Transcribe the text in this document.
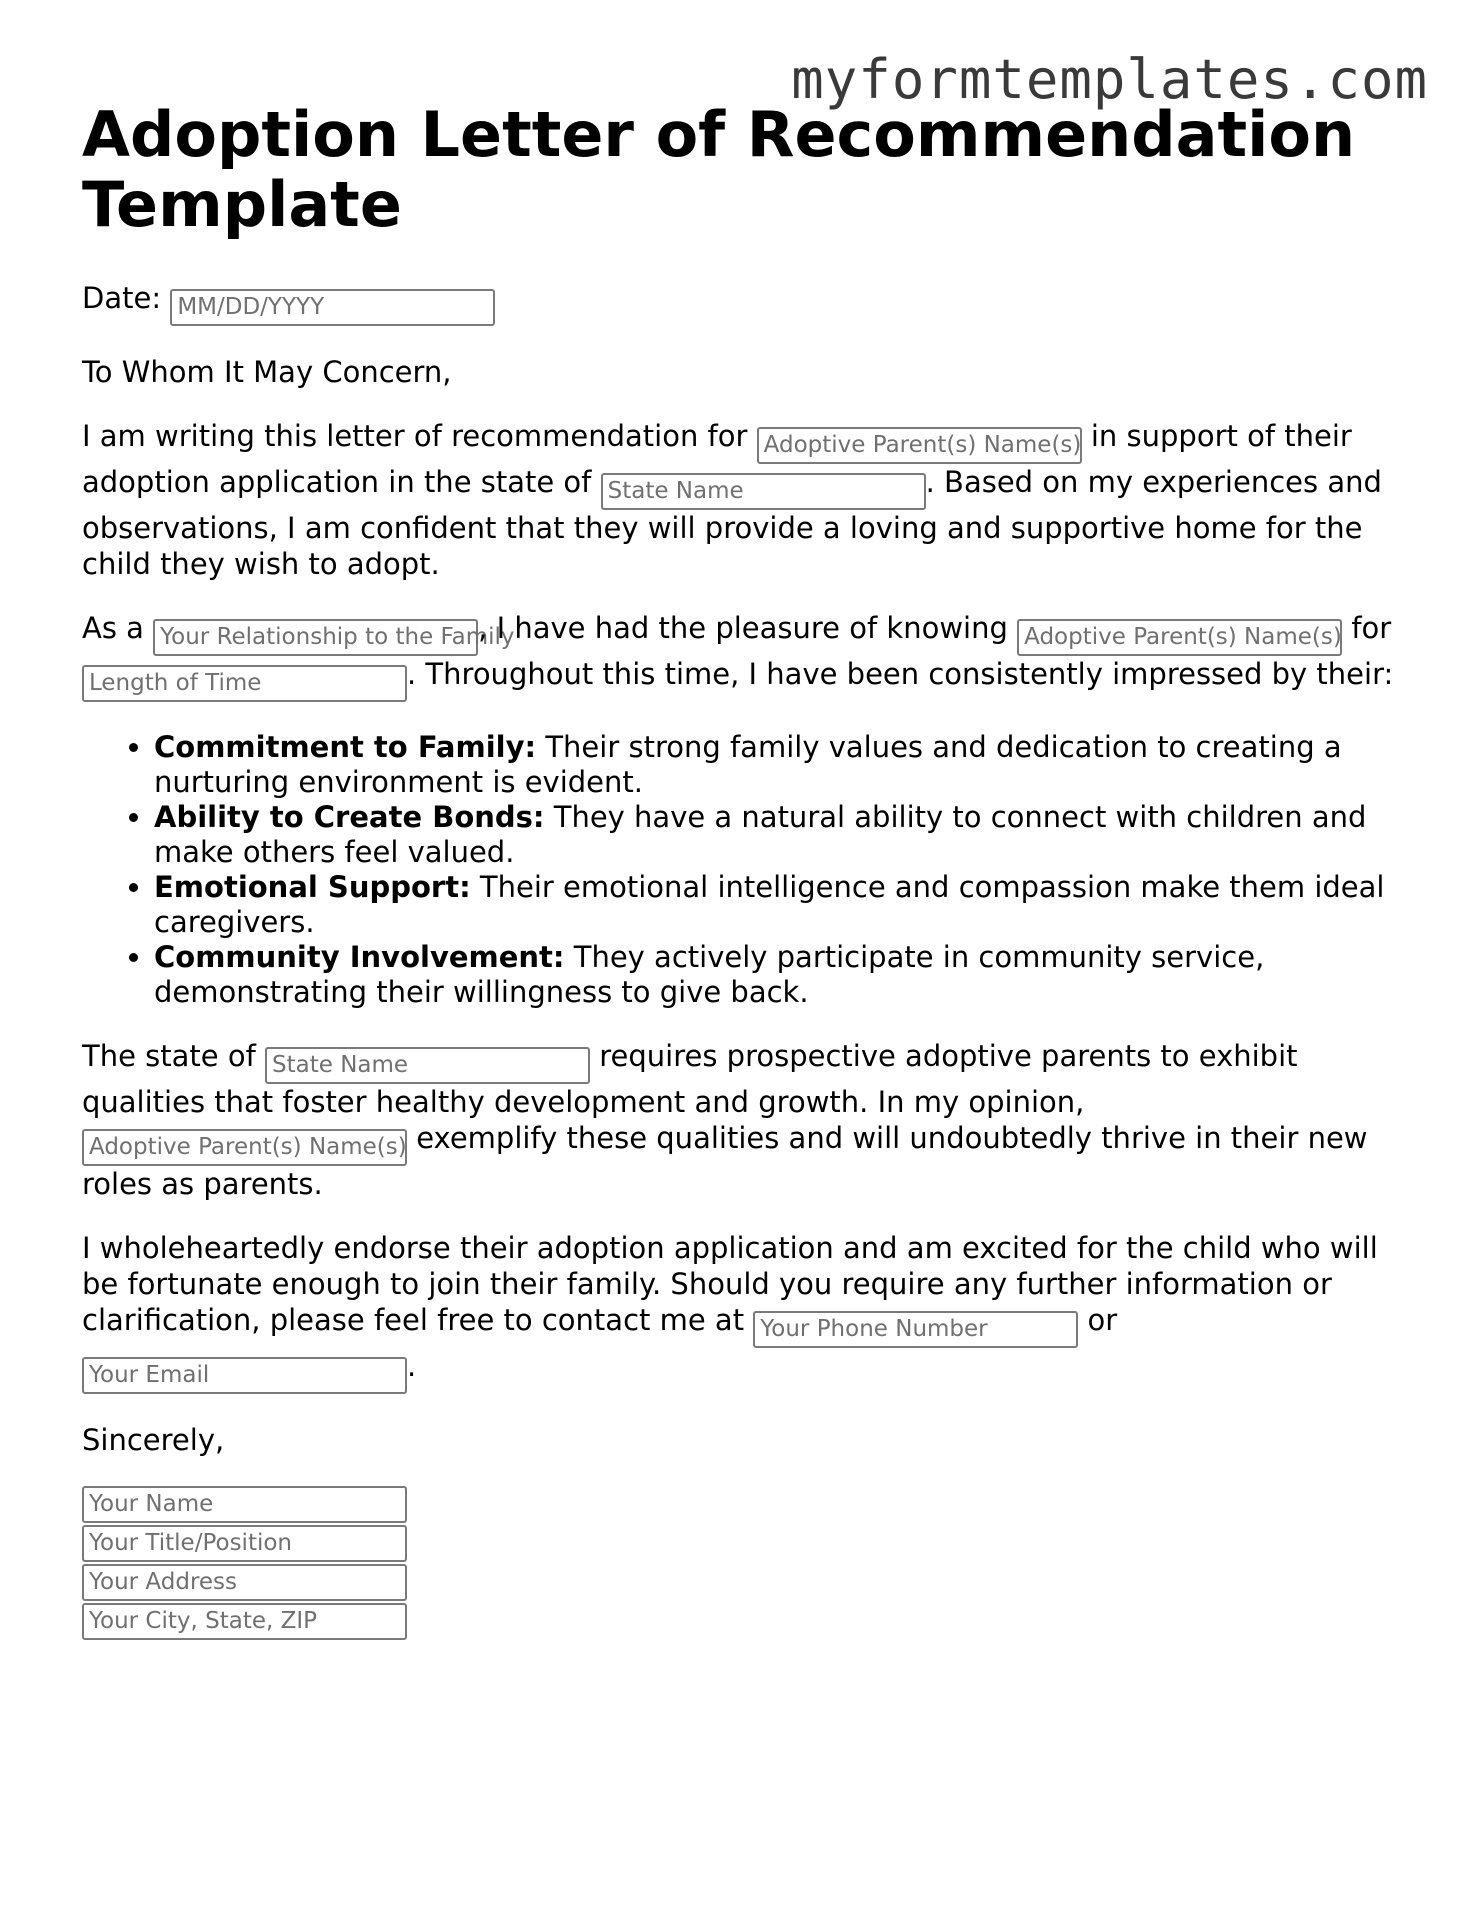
myformtemplates.com
Adoption Letter of Recommendation Template

Date: MM/DD/YYYY

To Whom It May Concern,

I am writing this letter of recommendation for Adoptive Parent(s) Name(s) in support of their adoption application in the state of State Name	. Based on my experiences and observations, I am confident that they will provide a loving and supportive home for the child they wish to adopt.

As a Your Relationship to the Family, I have had the pleasure of knowing Adoptive Parent(s) Name(s) for Length of Time	. Throughout this time, I have been consistently impressed by their:

• Commitment to Family: Their strong family values and dedication to creating a nurturing environment is evident.
• Ability to Create Bonds: They have a natural ability to connect with children and make others feel valued.
• Emotional Support: Their emotional intelligence and compassion make them ideal caregivers.
• Community Involvement: They actively participate in community service, demonstrating their willingness to give back.

The state of State Name	requires prospective adoptive parents to exhibit qualities that foster healthy development and growth. In my opinion, Adoptive Parent(s) Name(s) exemplify these qualities and will undoubtedly thrive in their new roles as parents.

I wholeheartedly endorse their adoption application and am excited for the child who will be fortunate enough to join their family. Should you require any further information or clarification, please feel free to contact me at Your Phone Number	or Your Email	.

Sincerely,

Your Name
Your Title/Position
Your Address
Your City, State, ZIP
